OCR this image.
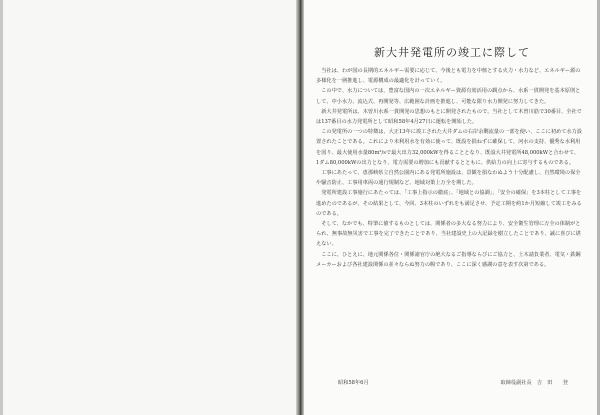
新大井発電所の竣工に際して

当社は、わが国の長期的エネルギー需要に応じて、今後とも電力を中核とする火力・水力など、エネルギー源の多様化を一層推進し、電源構成の最適化を計っていく。

この中で、水力については、豊富な国内の一次エネルギー資源有効活用の観点から、水系一貫開発を基本原則として、中小水力、流込式、再開発等、広範囲な計画を推進し、可能な限り水力開発に努力してきた。

新大井発電所は、木曽川水系一貫開発の思想のもとに開発されたもので、当社として木曽川筋で30番目、全社では137番目の水力発電所として昭和58年4月27日に運転を開始した。

この発電所の一つの特徴は、大正13年に竣工された大井ダムの右岸余剰流量の一部を使い、ここに初めて水力設置されたことである。これにより未利用水を有効に使って、既設を損ねずに確保して、河水の支持、優秀な水利用を図り、最大使用水量80m³/sで最大出力32,000kWを得ることとなり、既設大井発電所48,000kWと合わせて、1ダム80,000kWの出力となり、電力需要の増加にも貢献するとともに、供給力の向上に寄与するものである。

工事にあたって、恵那峡県立自然公園内にある発電所施設は、景観を損なわぬよう十分配慮し、自然環境の保全や騒音防止、工事用車両の通行規制など、地域対策上万全を期した。

発電所建設工事施行にあたっては、「工事上指示の徹底」、「地域との協調」、「安全の確保」を3本柱として工事を進めたのであるが、その結果として、今回、3本柱のいずれをも満足させ、予定工期を約1か月短縮して竣工をみるのである。

そして、なかでも、特筆に値するものとしては、関係者の多大なる努力により、安全衛生管理に万全の体制がとられ、無事故無災害で工事を完了できたことであり、当社建設史上の大記録を樹立したことであり、誠に喜びに堪えない。

ここに、ひとえに、地元関係各位・関係諸官庁の絶大なるご指導ならびにご協力と、土木請負業者、電気・鉄鋼メーカーおよび各社建設関係の並々ならぬ努力の賜であり、ここに深く感謝の意を表す次第である。

昭和58年6月	取締役副社長　吉　田　　登
